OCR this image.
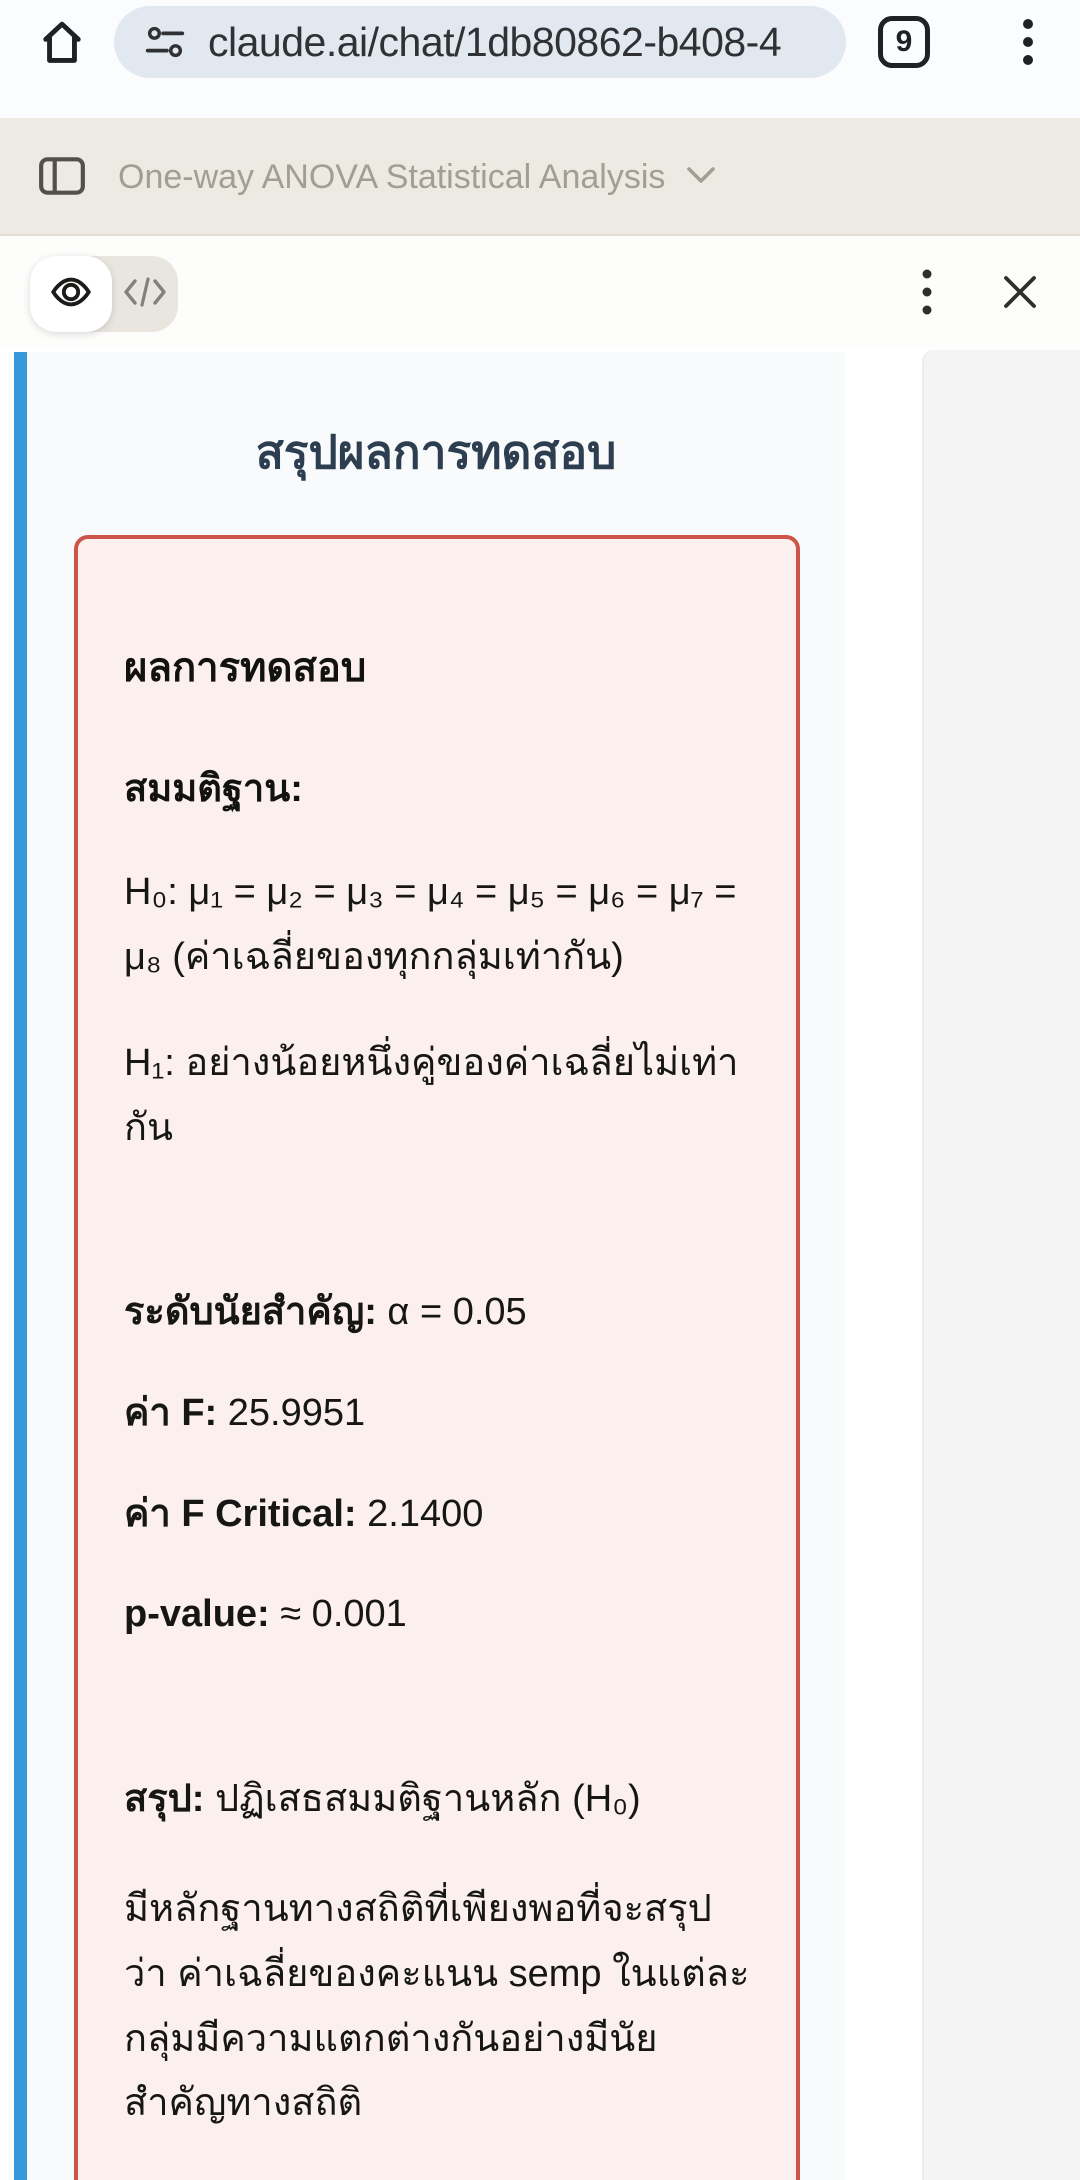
claude.ai/chat/1db80862-b408-4	9
One-way ANOVA Statistical Analysis
สรุปผลการทดสอบ
ผลการทดสอบ

สมมติฐาน:

H₀: μ₁ = μ₂ = μ₃ = μ₄ = μ₅ = μ₆ = μ₇ = μ₈ (ค่าเฉลี่ยของทุกกลุ่มเท่ากัน)

H₁: อย่างน้อยหนึ่งคู่ของค่าเฉลี่ยไม่เท่ากัน

ระดับนัยสำคัญ: α = 0.05

ค่า F: 25.9951

ค่า F Critical: 2.1400

p-value: ≈ 0.001

สรุป: ปฏิเสธสมมติฐานหลัก (H₀)

มีหลักฐานทางสถิติที่เพียงพอที่จะสรุปว่า ค่าเฉลี่ยของคะแนน semp ในแต่ละกลุ่มมีความแตกต่างกันอย่างมีนัยสำคัญทางสถิติ
